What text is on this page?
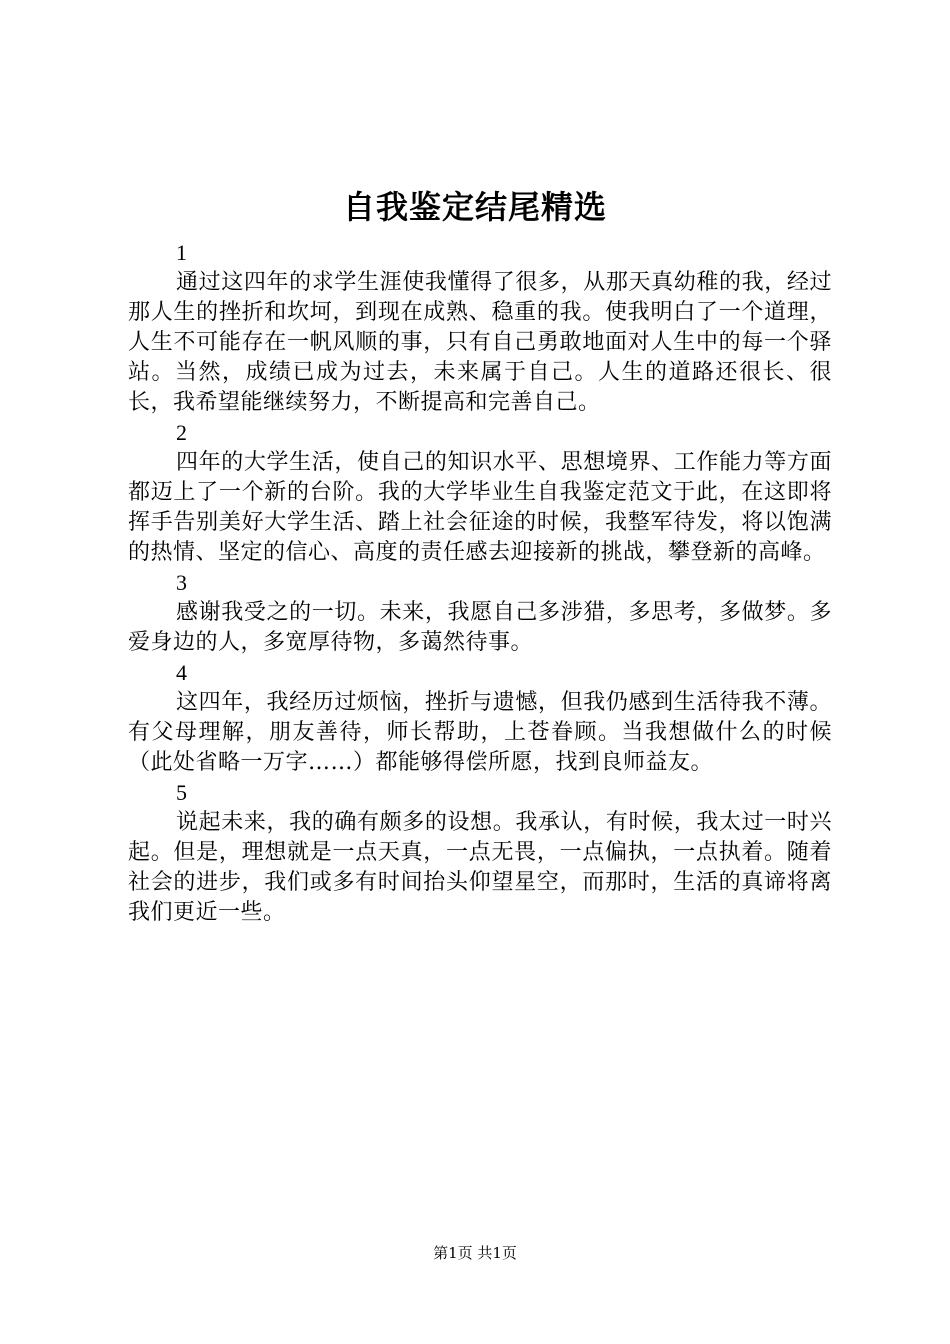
自我鉴定结尾精选
1

通过这四年的求学生涯使我懂得了很多，从那天真幼稚的我，经过那人生的挫折和坎坷，到现在成熟、稳重的我。使我明白了一个道理，人生不可能存在一帆风顺的事，只有自己勇敢地面对人生中的每一个驿站。当然，成绩已成为过去，未来属于自己。人生的道路还很长、很长，我希望能继续努力，不断提高和完善自己。

2

四年的大学生活，使自己的知识水平、思想境界、工作能力等方面都迈上了一个新的台阶。我的大学毕业生自我鉴定范文于此，在这即将挥手告别美好大学生活、踏上社会征途的时候，我整军待发，将以饱满的热情、坚定的信心、高度的责任感去迎接新的挑战，攀登新的高峰。

3

感谢我受之的一切。未来，我愿自己多涉猎，多思考，多做梦。多爱身边的人，多宽厚待物，多蔼然待事。

4

这四年，我经历过烦恼，挫折与遗憾，但我仍感到生活待我不薄。有父母理解，朋友善待，师长帮助，上苍眷顾。当我想做什么的时候（此处省略一万字……）都能够得偿所愿，找到良师益友。

5

说起未来，我的确有颇多的设想。我承认，有时候，我太过一时兴起。但是，理想就是一点天真，一点无畏，一点偏执，一点执着。随着社会的进步，我们或多有时间抬头仰望星空，而那时，生活的真谛将离我们更近一些。

第1页 共1页
